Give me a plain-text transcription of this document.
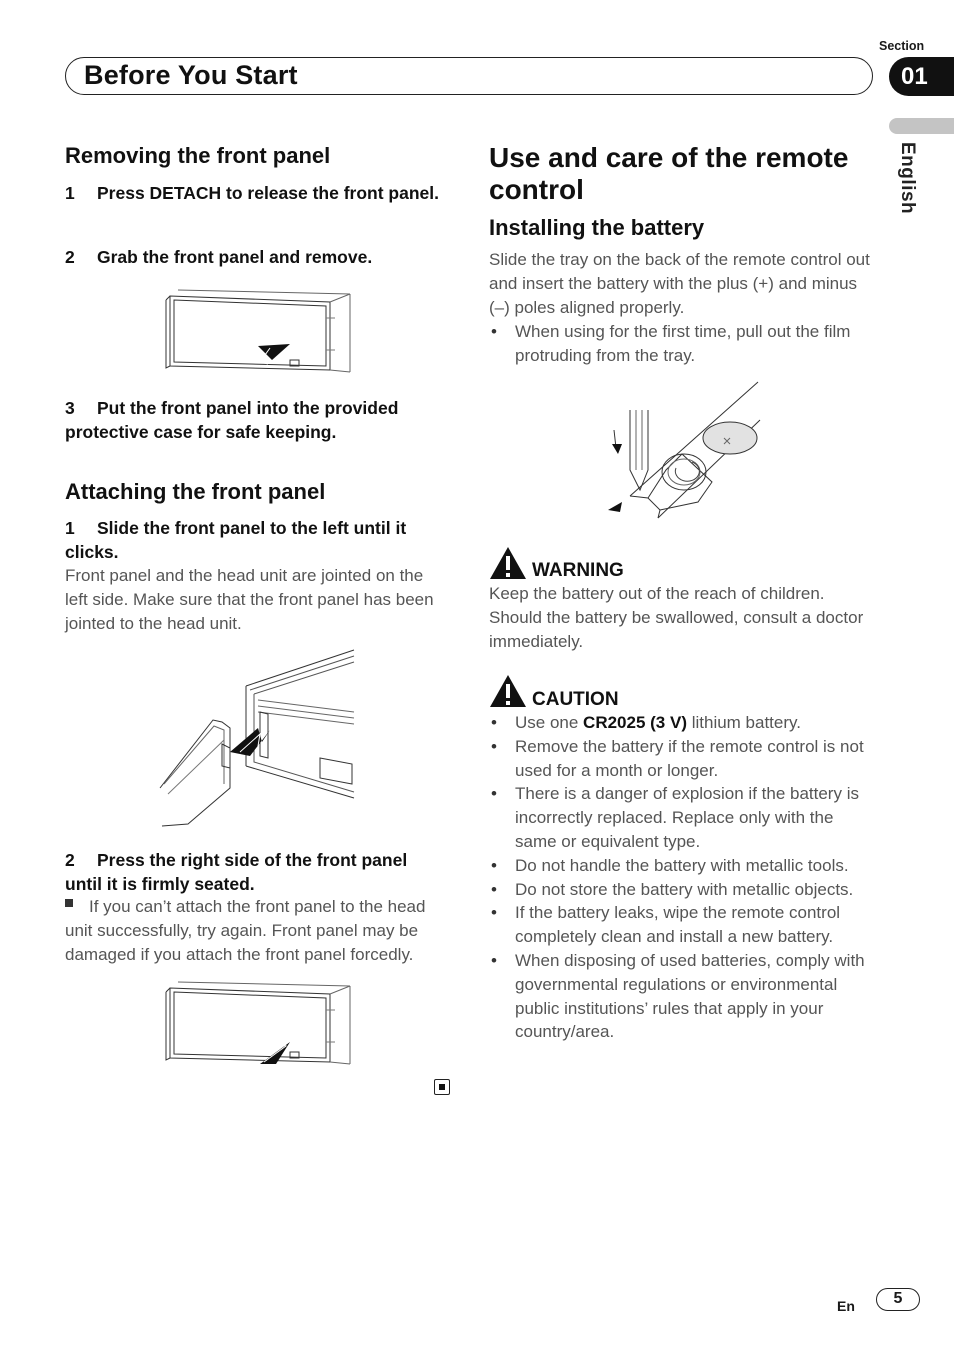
Before You Start
Section
01
English
Removing the front panel
1 Press DETACH to release the front panel.
2 Grab the front panel and remove.
3 Put the front panel into the provided protective case for safe keeping.
Attaching the front panel
1 Slide the front panel to the left until it clicks.
Front panel and the head unit are jointed on the left side. Make sure that the front panel has been jointed to the head unit.
2 Press the right side of the front panel until it is firmly seated.
If you can’t attach the front panel to the head unit successfully, try again. Front panel may be damaged if you attach the front panel forcedly.
Use and care of the remote control
Installing the battery
Slide the tray on the back of the remote control out and insert the battery with the plus (+) and minus (–) poles aligned properly.
• When using for the first time, pull out the film protruding from the tray.
WARNING
Keep the battery out of the reach of children. Should the battery be swallowed, consult a doctor immediately.
CAUTION
• Use one CR2025 (3 V) lithium battery.
• Remove the battery if the remote control is not used for a month or longer.
• There is a danger of explosion if the battery is incorrectly replaced. Replace only with the same or equivalent type.
• Do not handle the battery with metallic tools.
• Do not store the battery with metallic objects.
• If the battery leaks, wipe the remote control completely clean and install a new battery.
• When disposing of used batteries, comply with governmental regulations or environmental public institutions’ rules that apply in your country/area.
En	5
